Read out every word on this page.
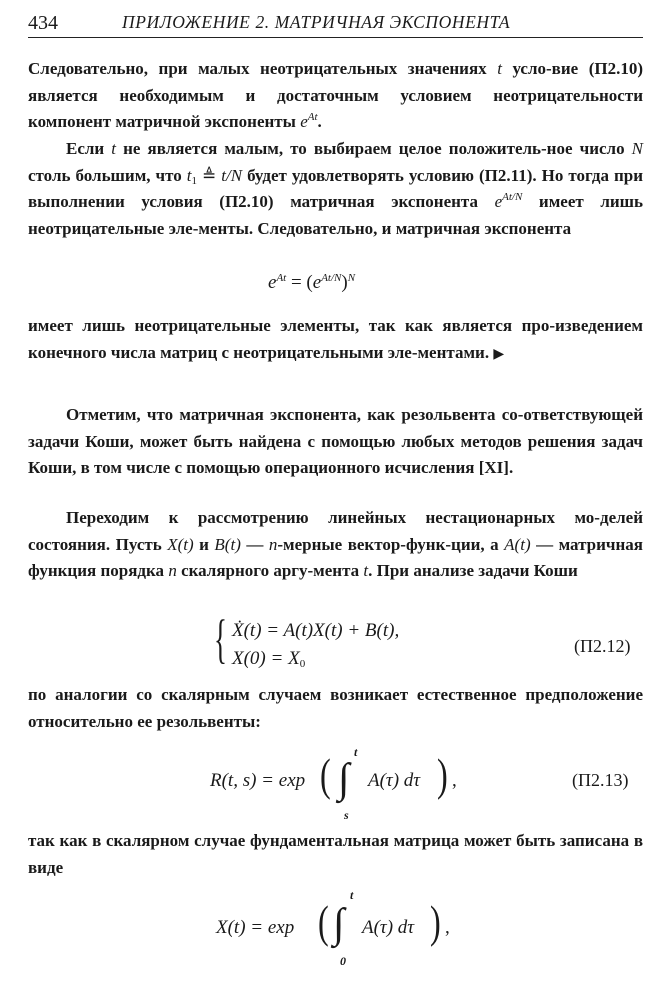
434	ПРИЛОЖЕНИЕ 2. МАТРИЧНАЯ ЭКСПОНЕНТА

Следовательно, при малых неотрицательных значениях t усло-вие (П2.10) является необходимым и достаточным условием неотрицательности компонент матричной экспоненты $e^{At}$.

Если t не является малым, то выбираем целое положитель-ное число N столь большим, что $t_1$ ≜ t/N будет удовлетворять условию (П2.11). Но тогда при выполнении условия (П2.10) матричная экспонента $e^{At/N}$ имеет лишь неотрицательные эле-менты. Следовательно, и матричная экспонента

$e^{At} = (e^{At/N})^N$

имеет лишь неотрицательные элементы, так как является про-изведением конечного числа матриц с неотрицательными эле-ментами. ▶

Отметим, что матричная экспонента, как резольвента со-ответствующей задачи Коши, может быть найдена с помощью любых методов решения задач Коши, в том числе с помощью операционного исчисления [XI].

Переходим к рассмотрению линейных нестационарных мо-делей состояния. Пусть X(t) и B(t) — n-мерные вектор-функ-ции, а A(t) — матричная функция порядка n скалярного аргу-мента t. При анализе задачи Коши

{ Ẋ(t) = A(t)X(t) + B(t),
$X(0) = X_0$
(П2.12)

по аналогии со скалярным случаем возникает естественное предположение относительно ее резольвенты:

R(t, s) = exp ( t
∫
s
A(τ) dτ ) ,	(П2.13)

так как в скалярном случае фундаментальная матрица может быть записана в виде

X(t) = exp (
t
∫
0
A(τ) dτ ) ,
